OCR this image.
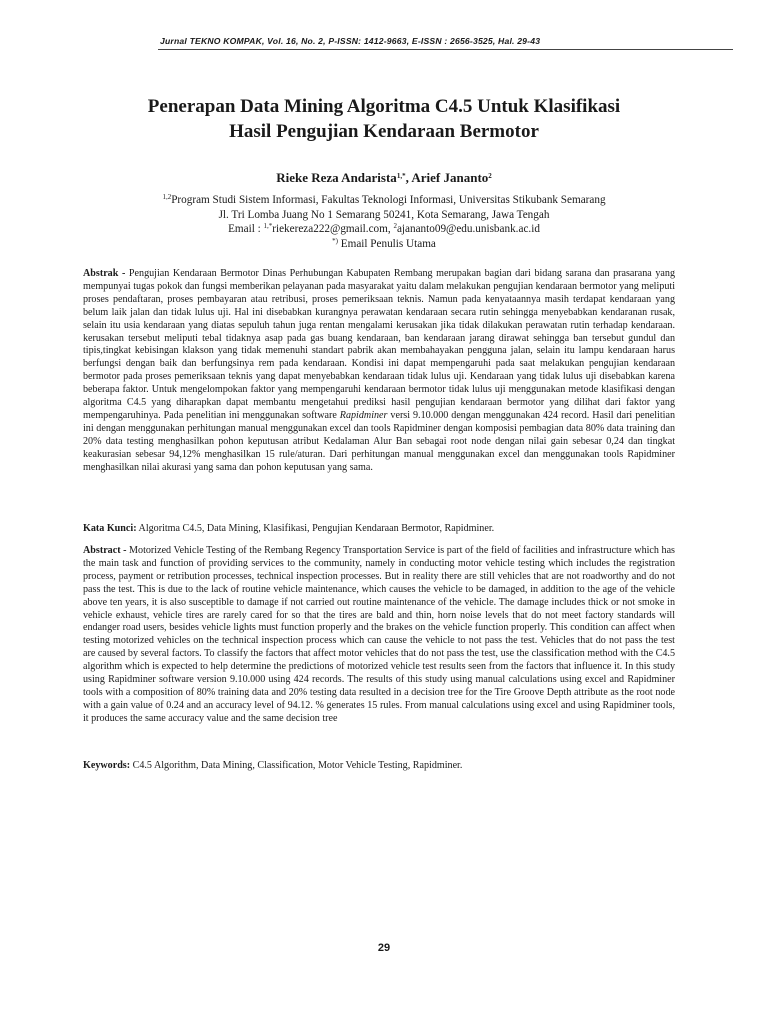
Jurnal TEKNO KOMPAK, Vol. 16, No. 2, P-ISSN: 1412-9663, E-ISSN : 2656-3525, Hal. 29-43
Penerapan Data Mining Algoritma C4.5 Untuk Klasifikasi
Hasil Pengujian Kendaraan Bermotor
Rieke Reza Andarista$^{1,*}$, Arief Jananto$^2$
$^{1,2}$Program Studi Sistem Informasi, Fakultas Teknologi Informasi, Universitas Stikubank Semarang
Jl. Tri Lomba Juang No 1 Semarang 50241, Kota Semarang, Jawa Tengah
Email : $^{1,*}$riekereza222@gmail.com, $^2$ajananto09@edu.unisbank.ac.id
*) Email Penulis Utama
Abstrak - Pengujian Kendaraan Bermotor Dinas Perhubungan Kabupaten Rembang merupakan bagian dari bidang sarana dan prasarana yang mempunyai tugas pokok dan fungsi memberikan pelayanan pada masyarakat yaitu dalam melakukan pengujian kendaraan bermotor yang meliputi proses pendaftaran, proses pembayaran atau retribusi, proses pemeriksaan teknis. Namun pada kenyataannya masih terdapat kendaraan yang belum laik jalan dan tidak lulus uji. Hal ini disebabkan kurangnya perawatan kendaraan secara rutin sehingga menyebabkan kendaranan rusak, selain itu usia kendaraan yang diatas sepuluh tahun juga rentan mengalami kerusakan jika tidak dilakukan perawatan rutin terhadap kendaraan. kerusakan tersebut meliputi tebal tidaknya asap pada gas buang kendaraan, ban kendaraan jarang dirawat sehingga ban tersebut gundul dan tipis,tingkat kebisingan klakson yang tidak memenuhi standart pabrik akan membahayakan pengguna jalan, selain itu lampu kendaraan harus berfungsi dengan baik dan berfungsinya rem pada kendaraan. Kondisi ini dapat mempengaruhi pada saat melakukan pengujian kendaraan bermotor pada proses pemeriksaan teknis yang dapat menyebabkan kendaraan tidak lulus uji. Kendaraan yang tidak lulus uji disebabkan karena beberapa faktor. Untuk mengelompokan faktor yang mempengaruhi kendaraan bermotor tidak lulus uji menggunakan metode klasifikasi dengan algoritma C4.5 yang diharapkan dapat membantu mengetahui prediksi hasil pengujian kendaraan bermotor yang dilihat dari faktor yang mempengaruhinya. Pada penelitian ini menggunakan software Rapidminer versi 9.10.000 dengan menggunakan 424 record. Hasil dari penelitian ini dengan menggunakan perhitungan manual menggunakan excel dan tools Rapidminer dengan komposisi pembagian data 80% data training dan 20% data testing menghasilkan pohon keputusan atribut Kedalaman Alur Ban sebagai root node dengan nilai gain sebesar 0,24 dan tingkat keakurasian sebesar 94,12% menghasilkan 15 rule/aturan. Dari perhitungan manual menggunakan excel dan menggunakan tools Rapidminer menghasilkan nilai akurasi yang sama dan pohon keputusan yang sama.
Kata Kunci: Algoritma C4.5, Data Mining, Klasifikasi, Pengujian Kendaraan Bermotor, Rapidminer.
Abstract - Motorized Vehicle Testing of the Rembang Regency Transportation Service is part of the field of facilities and infrastructure which has the main task and function of providing services to the community, namely in conducting motor vehicle testing which includes the registration process, payment or retribution processes, technical inspection processes. But in reality there are still vehicles that are not roadworthy and do not pass the test. This is due to the lack of routine vehicle maintenance, which causes the vehicle to be damaged, in addition to the age of the vehicle above ten years, it is also susceptible to damage if not carried out routine maintenance of the vehicle. The damage includes thick or not smoke in vehicle exhaust, vehicle tires are rarely cared for so that the tires are bald and thin, horn noise levels that do not meet factory standards will endanger road users, besides vehicle lights must function properly and the brakes on the vehicle function properly. This condition can affect when testing motorized vehicles on the technical inspection process which can cause the vehicle to not pass the test. Vehicles that do not pass the test are caused by several factors. To classify the factors that affect motor vehicles that do not pass the test, use the classification method with the C4.5 algorithm which is expected to help determine the predictions of motorized vehicle test results seen from the factors that influence it. In this study using Rapidminer software version 9.10.000 using 424 records. The results of this study using manual calculations using excel and Rapidminer tools with a composition of 80% training data and 20% testing data resulted in a decision tree for the Tire Groove Depth attribute as the root node with a gain value of 0.24 and an accuracy level of 94.12. % generates 15 rules. From manual calculations using excel and using Rapidminer tools, it produces the same accuracy value and the same decision tree
Keywords: C4.5 Algorithm, Data Mining, Classification, Motor Vehicle Testing, Rapidminer.
29
